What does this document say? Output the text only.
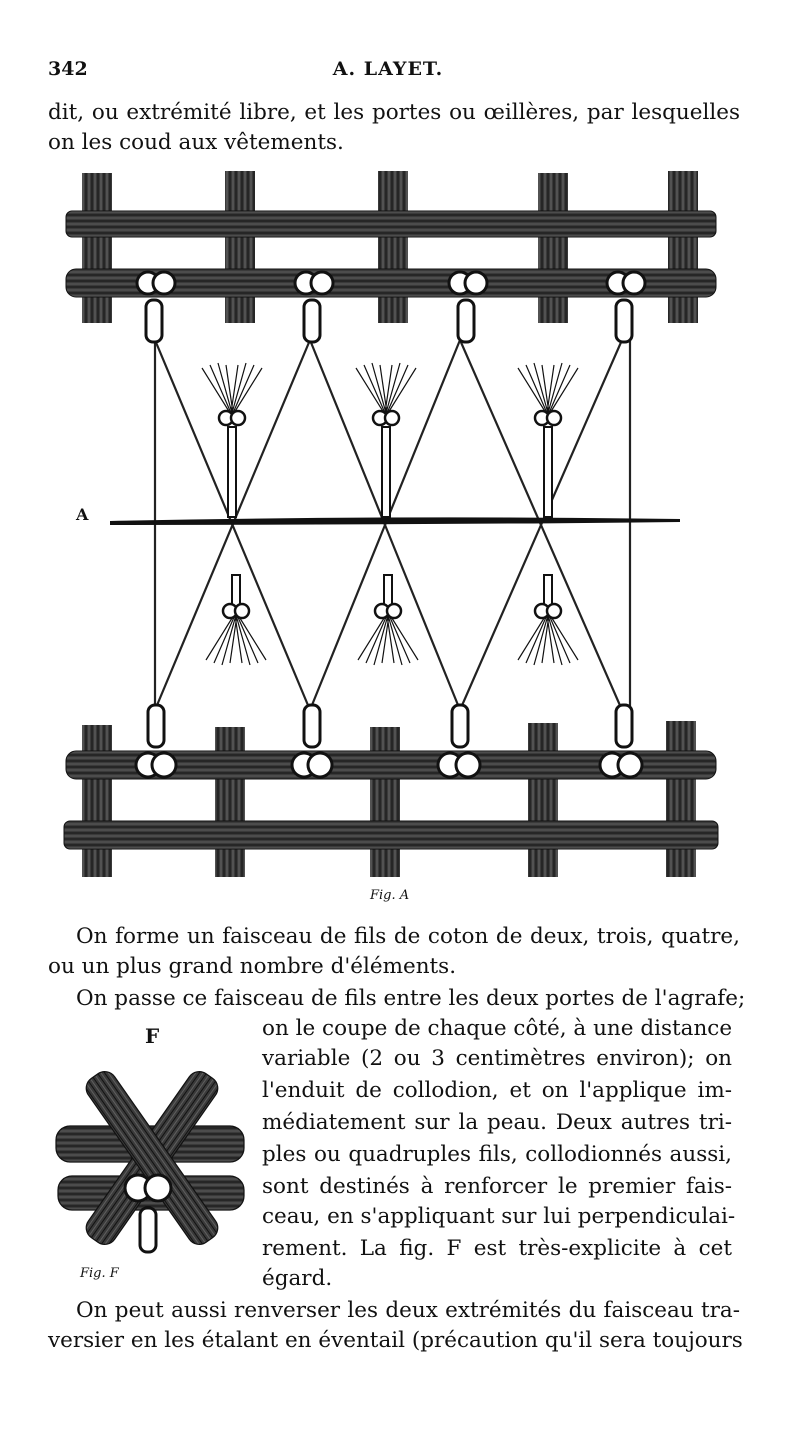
342	A. LAYET.
dit, ou extrémité libre, et les portes ou œillères, par lesquelles
on les coud aux vêtements.
A
Fig. A
On forme un faisceau de fils de coton de deux, trois, quatre,
ou un plus grand nombre d'éléments.
On passe ce faisceau de fils entre les deux portes de l'agrafe;
F
Fig. F
on le coupe de chaque côté, à une distance
variable (2 ou 3 centimètres environ); on
l'enduit de collodion, et on l'applique im-
médiatement sur la peau. Deux autres tri-
ples ou quadruples fils, collodionnés aussi,
sont destinés à renforcer le premier fais-
ceau, en s'appliquant sur lui perpendiculai-
rement. La fig. F est très-explicite à cet
égard.
On peut aussi renverser les deux extrémités du faisceau tra-
versier en les étalant en éventail (précaution qu'il sera toujours
